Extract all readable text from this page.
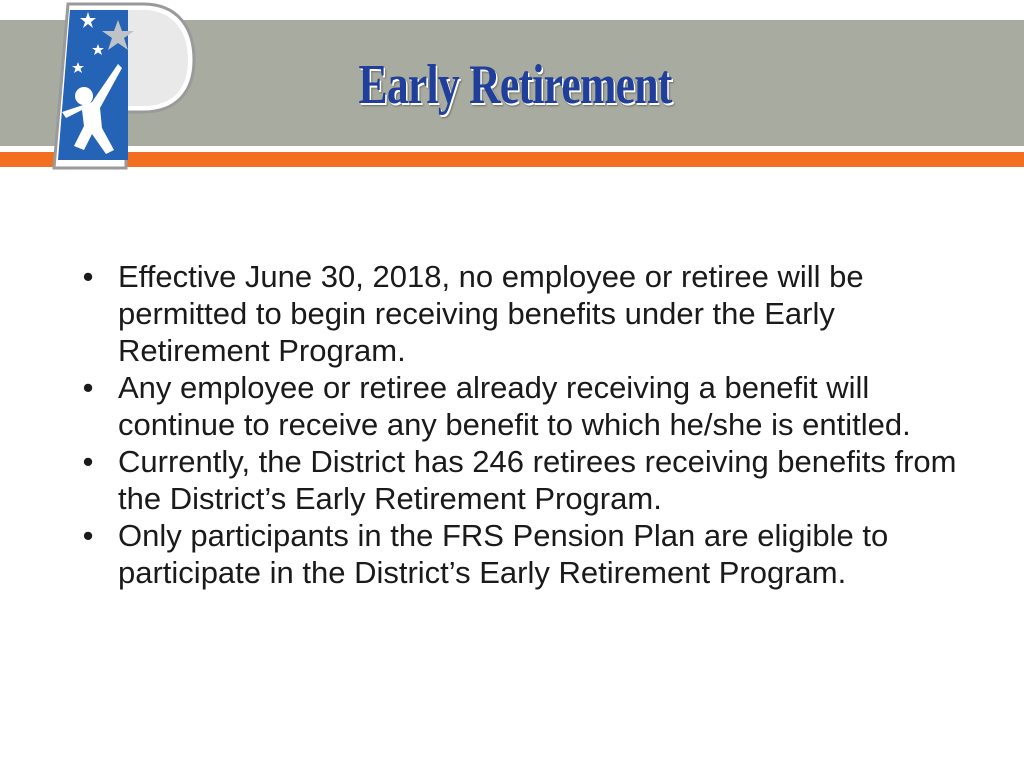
Early Retirement
• Effective June 30, 2018, no employee or retiree will be permitted to begin receiving benefits under the Early Retirement Program.
• Any employee or retiree already receiving a benefit will continue to receive any benefit to which he/she is entitled.
• Currently, the District has 246 retirees receiving benefits from the District’s Early Retirement Program.
• Only participants in the FRS Pension Plan are eligible to participate in the District’s Early Retirement Program.
